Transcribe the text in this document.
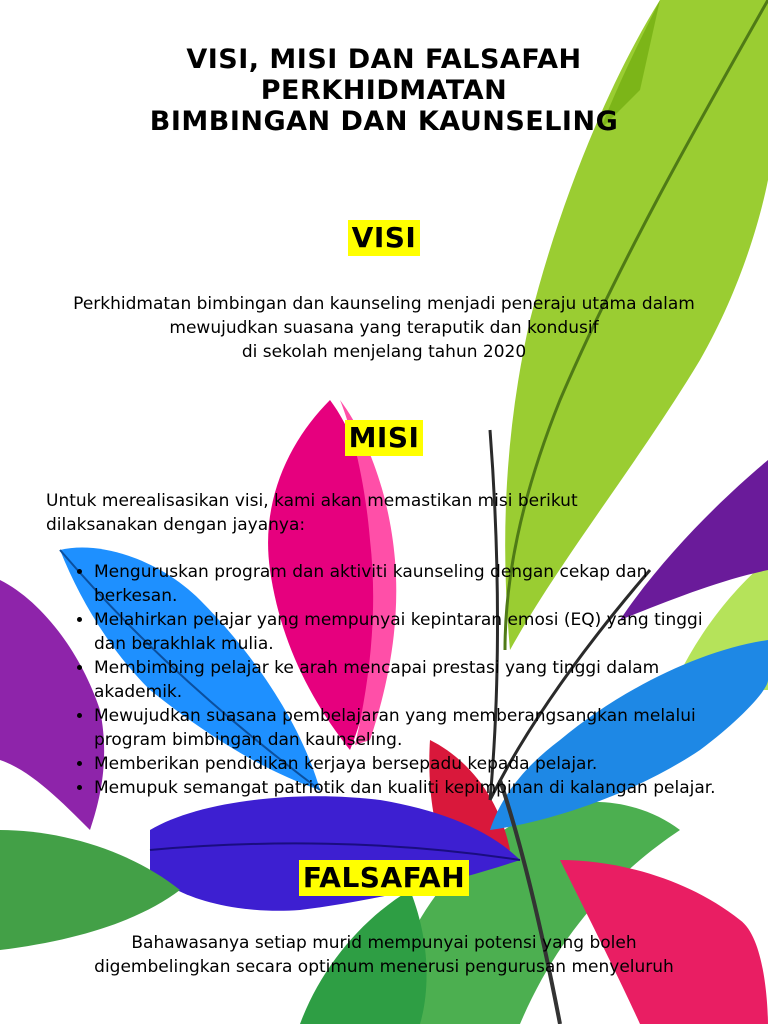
VISI, MISI DAN FALSAFAH
PERKHIDMATAN
BIMBINGAN DAN KAUNSELING
VISI
Perkhidmatan bimbingan dan kaunseling menjadi peneraju utama dalam
mewujudkan suasana yang teraputik dan kondusif
di sekolah menjelang tahun 2020
MISI
Untuk merealisasikan visi, kami akan memastikan misi berikut
dilaksanakan dengan jayanya:
• Menguruskan program dan aktiviti kaunseling dengan cekap dan berkesan.
• Melahirkan pelajar yang mempunyai kepintaran emosi (EQ) yang tinggi dan berakhlak mulia.
• Membimbing pelajar ke arah mencapai prestasi yang tinggi dalam akademik.
• Mewujudkan suasana pembelajaran yang memberangsangkan melalui program bimbingan dan kaunseling.
• Memberikan pendidikan kerjaya bersepadu kepada pelajar.
• Memupuk semangat patriotik dan kualiti kepimpinan di kalangan pelajar.
FALSAFAH
Bahawasanya setiap murid mempunyai potensi yang boleh
digembelingkan secara optimum menerusi pengurusan menyeluruh
